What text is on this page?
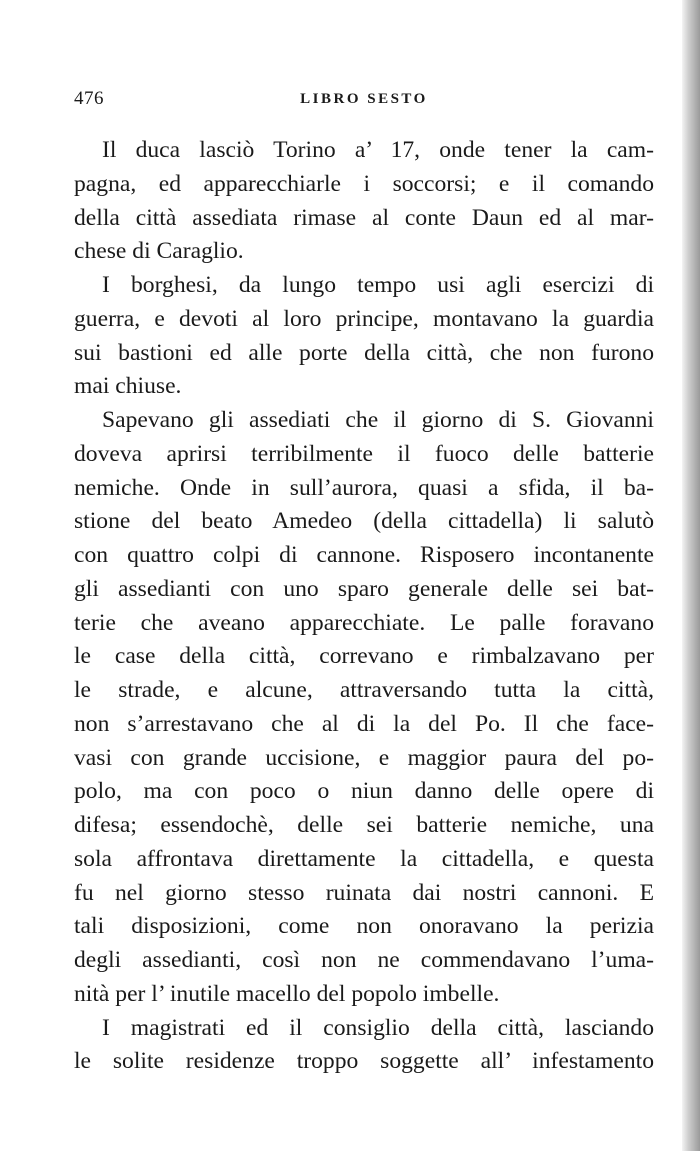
476	LIBRO SESTO

Il duca lasciò Torino a’ 17, onde tener la cam-
pagna, ed apparecchiarle i soccorsi; e il comando
della città assediata rimase al conte Daun ed al mar-
chese di Caraglio.

I borghesi, da lungo tempo usi agli esercizi di
guerra, e devoti al loro principe, montavano la guardia
sui bastioni ed alle porte della città, che non furono
mai chiuse.

Sapevano gli assediati che il giorno di S. Giovanni
doveva aprirsi terribilmente il fuoco delle batterie
nemiche. Onde in sull’aurora, quasi a sfida, il ba-
stione del beato Amedeo (della cittadella) li salutò
con quattro colpi di cannone. Risposero incontanente
gli assedianti con uno sparo generale delle sei bat-
terie che aveano apparecchiate. Le palle foravano
le case della città, correvano e rimbalzavano per
le strade, e alcune, attraversando tutta la città,
non s’arrestavano che al di la del Po. Il che face-
vasi con grande uccisione, e maggior paura del po-
polo, ma con poco o niun danno delle opere di
difesa; essendochè, delle sei batterie nemiche, una
sola affrontava direttamente la cittadella, e questa
fu nel giorno stesso ruinata dai nostri cannoni. E
tali disposizioni, come non onoravano la perizia
degli assedianti, così non ne commendavano l’uma-
nità per l’ inutile macello del popolo imbelle.

I magistrati ed il consiglio della città, lasciando
le solite residenze troppo soggette all’ infestamento
